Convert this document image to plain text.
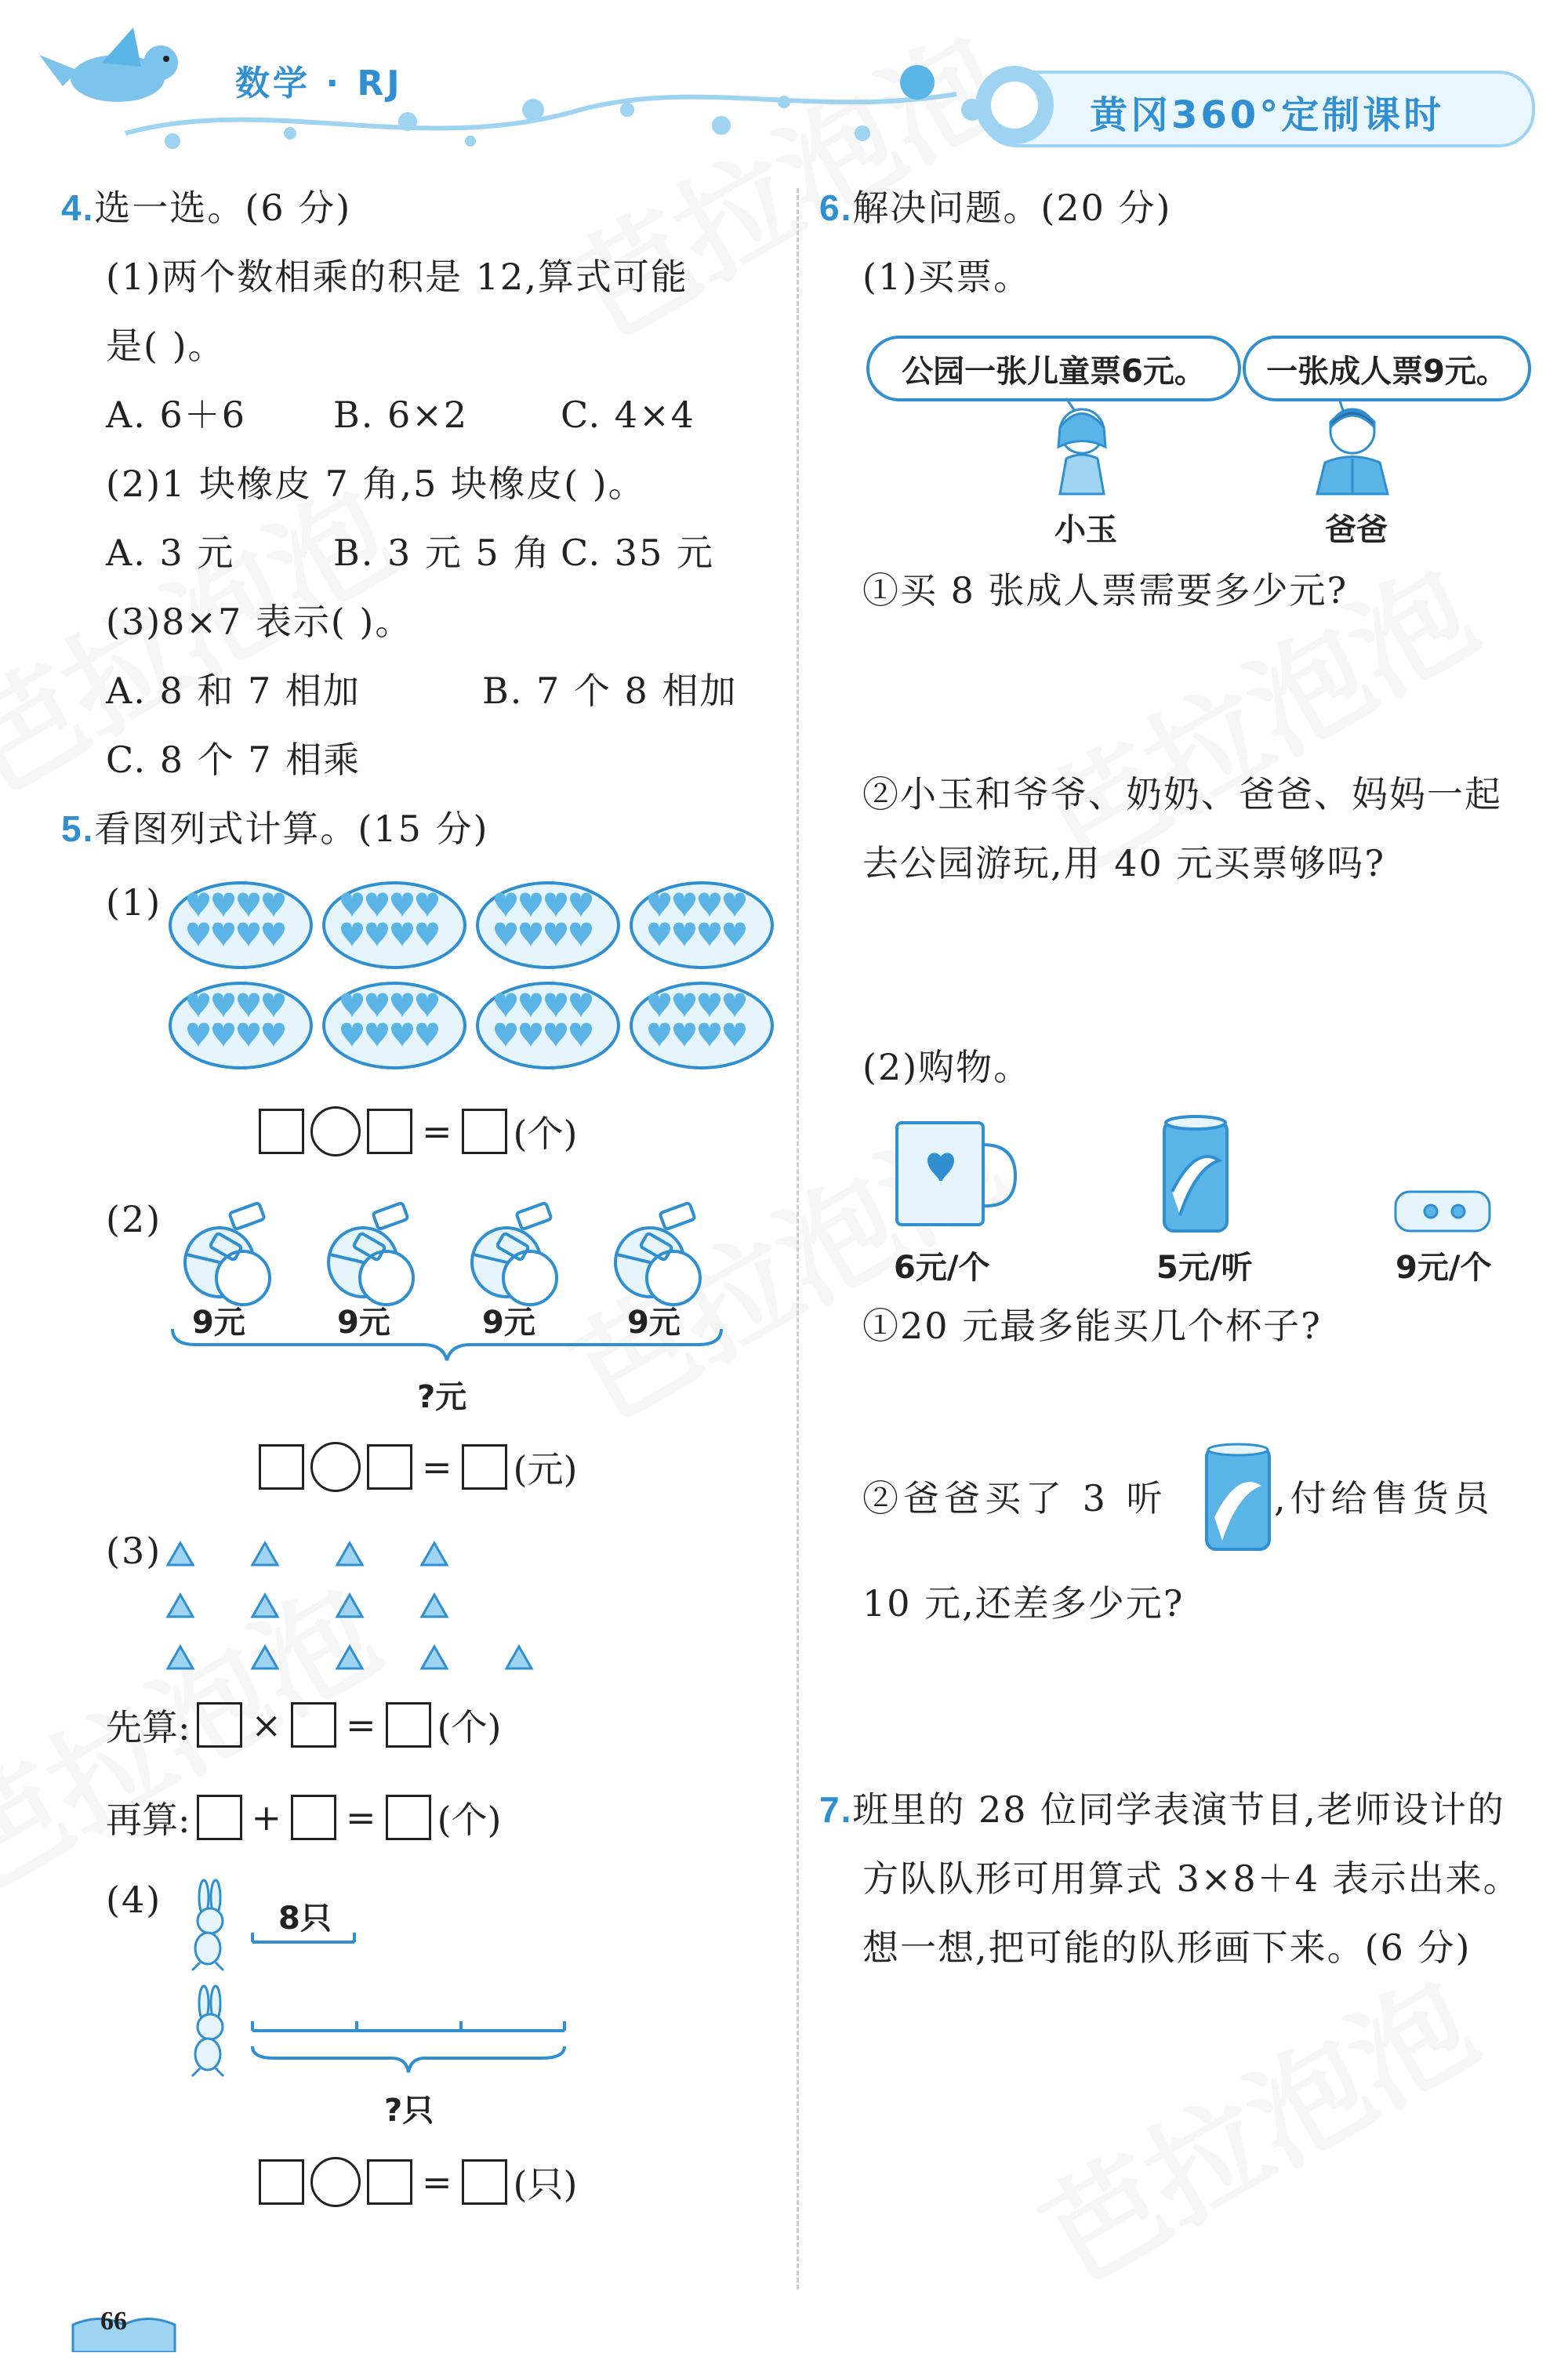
数学 · RJ
黄冈360°定制课时
4.选一选。(6 分)
(1)两个数相乘的积是 12,算式可能
是( )。
A. 6＋6 B. 6×2	C. 4×4
(2)1 块橡皮 7 角,5 块橡皮( )。
A. 3 元	B. 3 元 5 角 C. 35 元
(3)8×7 表示( )。
A. 8 和 7 相加	B. 7 个 8 相加
C. 8 个 7 相乘
5.看图列式计算。(15 分)
(1)
= (个)
(2)
9元	9元	9元	9元
?元
= (元)
(3)
先算: × = (个)
再算: + = (个)
(4)	8只
?只
= (只)
6.解决问题。(20 分)
(1)买票。
公园一张儿童票6元。 一张成人票9元。
小玉	爸爸
①买 8 张成人票需要多少元?
②小玉和爷爷、奶奶、爸爸、妈妈一起
去公园游玩,用 40 元买票够吗?
(2)购物。
6元/个	5元/听	9元/个
①20 元最多能买几个杯子?
②爸爸买了 3 听	,付给售货员
10 元,还差多少元?
7.班里的 28 位同学表演节目,老师设计的
方队队形可用算式 3×8＋4 表示出来。
想一想,把可能的队形画下来。(6 分)
66
